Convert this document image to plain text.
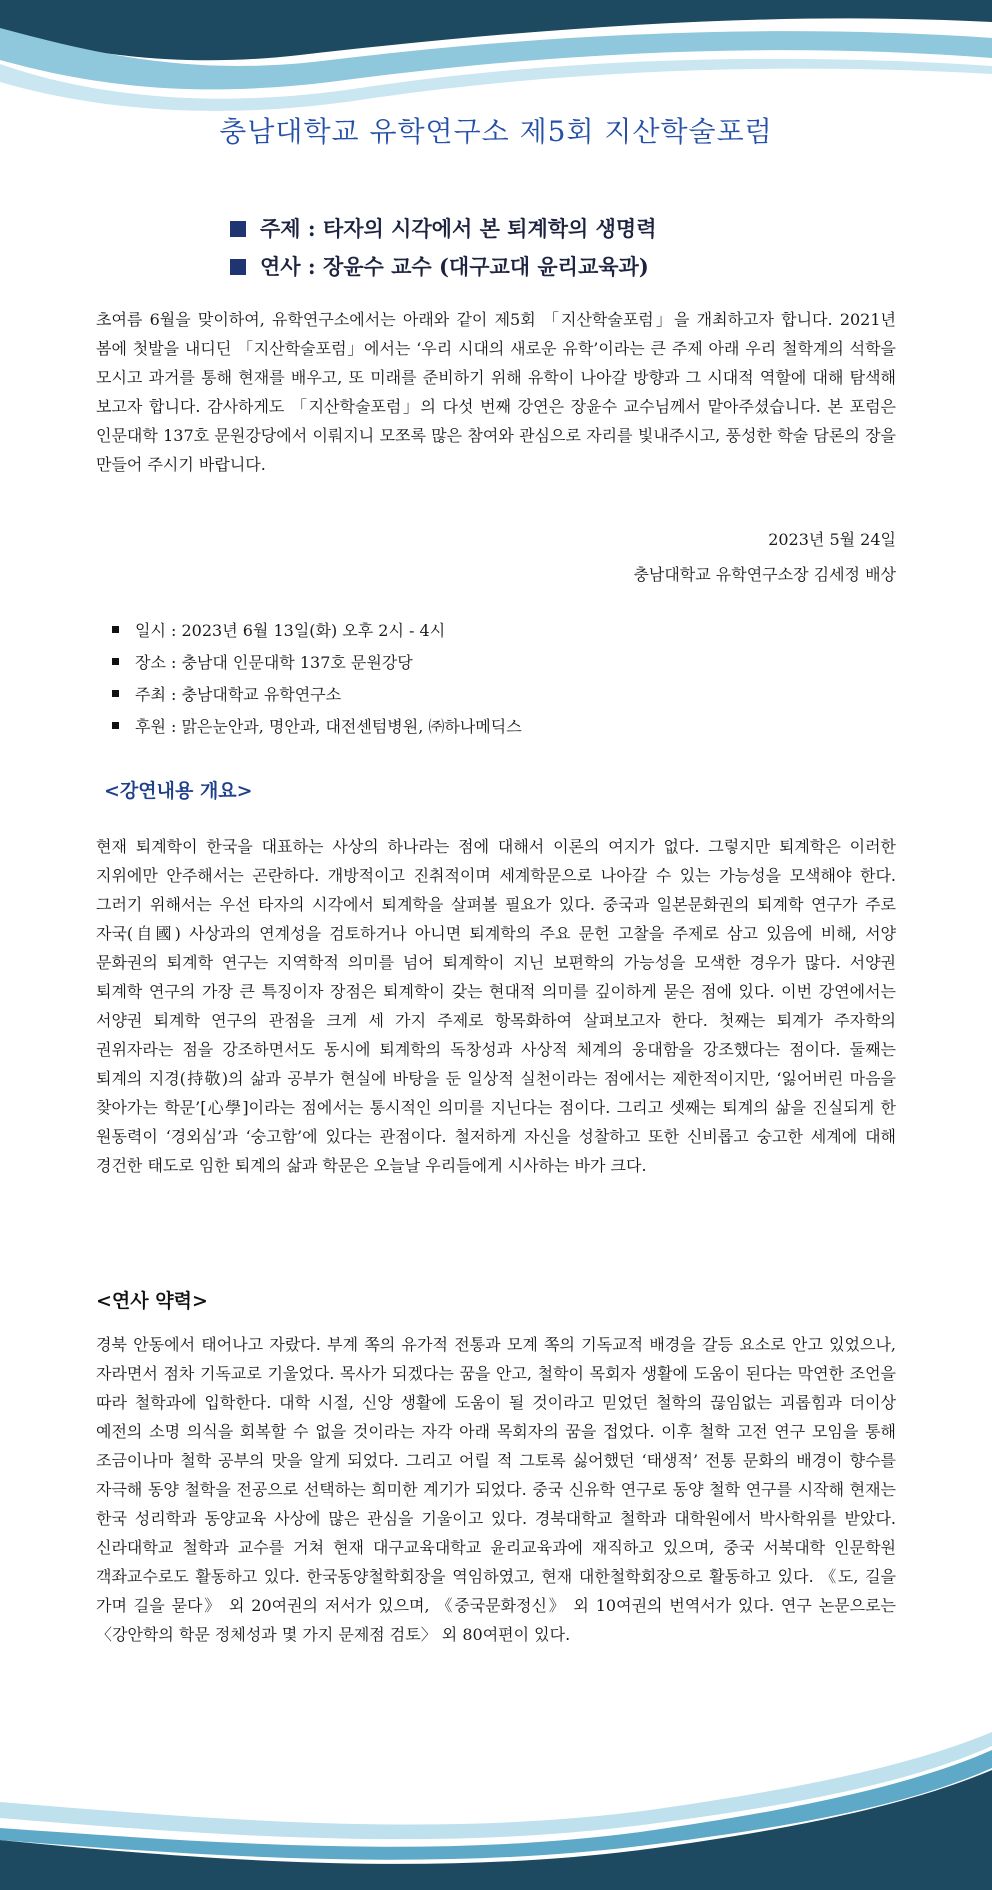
충남대학교 유학연구소 제5회 지산학술포럼
주제 : 타자의 시각에서 본 퇴계학의 생명력
연사 : 장윤수 교수 (대구교대 윤리교육과)

초여름 6월을 맞이하여, 유학연구소에서는 아래와 같이 제5회 「지산학술포럼」을 개최하고자 합니다. 2021년 봄에 첫발을 내디딘 「지산학술포럼」에서는 ‘우리 시대의 새로운 유학’이라는 큰 주제 아래 우리 철학계의 석학을 모시고 과거를 통해 현재를 배우고, 또 미래를 준비하기 위해 유학이 나아갈 방향과 그 시대적 역할에 대해 탐색해 보고자 합니다. 감사하게도 「지산학술포럼」의 다섯 번째 강연은 장윤수 교수님께서 맡아주셨습니다. 본 포럼은 인문대학 137호 문원강당에서 이뤄지니 모쪼록 많은 참여와 관심으로 자리를 빛내주시고, 풍성한 학술 담론의 장을 만들어 주시기 바랍니다.

2023년 5월 24일
충남대학교 유학연구소장 김세정 배상
일시 : 2023년 6월 13일(화) 오후 2시 - 4시
장소 : 충남대 인문대학 137호 문원강당
주최 : 충남대학교 유학연구소
후원 : 맑은눈안과, 명안과, 대전센텀병원, ㈜하나메딕스
<강연내용 개요>

현재 퇴계학이 한국을 대표하는 사상의 하나라는 점에 대해서 이론의 여지가 없다. 그렇지만 퇴계학은 이러한 지위에만 안주해서는 곤란하다. 개방적이고 진취적이며 세계학문으로 나아갈 수 있는 가능성을 모색해야 한다. 그러기 위해서는 우선 타자의 시각에서 퇴계학을 살펴볼 필요가 있다. 중국과 일본문화권의 퇴계학 연구가 주로 자국(自國) 사상과의 연계성을 검토하거나 아니면 퇴계학의 주요 문헌 고찰을 주제로 삼고 있음에 비해, 서양 문화권의 퇴계학 연구는 지역학적 의미를 넘어 퇴계학이 지닌 보편학의 가능성을 모색한 경우가 많다. 서양권 퇴계학 연구의 가장 큰 특징이자 장점은 퇴계학이 갖는 현대적 의미를 깊이하게 묻은 점에 있다. 이번 강연에서는 서양권 퇴계학 연구의 관점을 크게 세 가지 주제로 항목화하여 살펴보고자 한다. 첫째는 퇴계가 주자학의 권위자라는 점을 강조하면서도 동시에 퇴계학의 독창성과 사상적 체계의 웅대함을 강조했다는 점이다. 둘째는 퇴계의 지경(持敬)의 삶과 공부가 현실에 바탕을 둔 일상적 실천이라는 점에서는 제한적이지만, ‘잃어버린 마음을 찾아가는 학문’[心學]이라는 점에서는 통시적인 의미를 지닌다는 점이다. 그리고 셋째는 퇴계의 삶을 진실되게 한 원동력이 ‘경외심’과 ‘숭고함’에 있다는 관점이다. 철저하게 자신을 성찰하고 또한 신비롭고 숭고한 세계에 대해 경건한 태도로 임한 퇴계의 삶과 학문은 오늘날 우리들에게 시사하는 바가 크다.

<연사 약력>

경북 안동에서 태어나고 자랐다. 부계 쪽의 유가적 전통과 모계 쪽의 기독교적 배경을 갈등 요소로 안고 있었으나, 자라면서 점차 기독교로 기울었다. 목사가 되겠다는 꿈을 안고, 철학이 목회자 생활에 도움이 된다는 막연한 조언을 따라 철학과에 입학한다. 대학 시절, 신앙 생활에 도움이 될 것이라고 믿었던 철학의 끊임없는 괴롭힘과 더이상 예전의 소명 의식을 회복할 수 없을 것이라는 자각 아래 목회자의 꿈을 접었다. 이후 철학 고전 연구 모임을 통해 조금이나마 철학 공부의 맛을 알게 되었다. 그리고 어릴 적 그토록 싫어했던 ‘태생적’ 전통 문화의 배경이 향수를 자극해 동양 철학을 전공으로 선택하는 희미한 계기가 되었다. 중국 신유학 연구로 동양 철학 연구를 시작해 현재는 한국 성리학과 동양교육 사상에 많은 관심을 기울이고 있다. 경북대학교 철학과 대학원에서 박사학위를 받았다. 신라대학교 철학과 교수를 거쳐 현재 대구교육대학교 윤리교육과에 재직하고 있으며, 중국 서북대학 인문학원 객좌교수로도 활동하고 있다. 한국동양철학회장을 역임하였고, 현재 대한철학회장으로 활동하고 있다. 《도, 길을 가며 길을 묻다》 외 20여권의 저서가 있으며, 《중국문화정신》 외 10여권의 번역서가 있다. 연구 논문으로는 〈강안학의 학문 정체성과 몇 가지 문제점 검토〉 외 80여편이 있다.
